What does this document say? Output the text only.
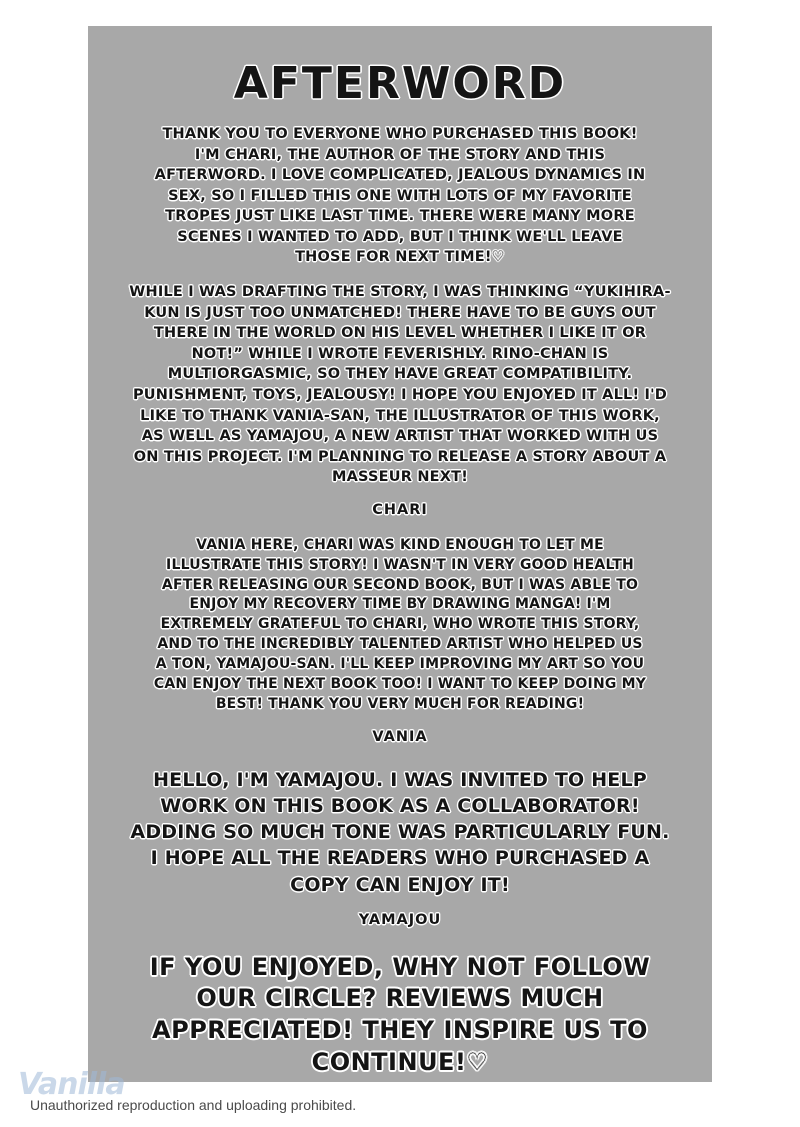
AFTERWORD
THANK YOU TO EVERYONE WHO PURCHASED THIS BOOK! I'M CHARI, THE AUTHOR OF THE STORY AND THIS AFTERWORD. I LOVE COMPLICATED, JEALOUS DYNAMICS IN SEX, SO I FILLED THIS ONE WITH LOTS OF MY FAVORITE TROPES JUST LIKE LAST TIME. THERE WERE MANY MORE SCENES I WANTED TO ADD, BUT I THINK WE'LL LEAVE THOSE FOR NEXT TIME!♡
WHILE I WAS DRAFTING THE STORY, I WAS THINKING “YUKIHIRA-KUN IS JUST TOO UNMATCHED! THERE HAVE TO BE GUYS OUT THERE IN THE WORLD ON HIS LEVEL WHETHER I LIKE IT OR NOT!” WHILE I WROTE FEVERISHLY. RINO-CHAN IS MULTIORGASMIC, SO THEY HAVE GREAT COMPATIBILITY. PUNISHMENT, TOYS, JEALOUSY! I HOPE YOU ENJOYED IT ALL! I'D LIKE TO THANK VANIA-SAN, THE ILLUSTRATOR OF THIS WORK, AS WELL AS YAMAJOU, A NEW ARTIST THAT WORKED WITH US ON THIS PROJECT. I'M PLANNING TO RELEASE A STORY ABOUT A MASSEUR NEXT!
CHARI
VANIA HERE, CHARI WAS KIND ENOUGH TO LET ME ILLUSTRATE THIS STORY! I WASN'T IN VERY GOOD HEALTH AFTER RELEASING OUR SECOND BOOK, BUT I WAS ABLE TO ENJOY MY RECOVERY TIME BY DRAWING MANGA! I'M EXTREMELY GRATEFUL TO CHARI, WHO WROTE THIS STORY, AND TO THE INCREDIBLY TALENTED ARTIST WHO HELPED US A TON, YAMAJOU-SAN. I'LL KEEP IMPROVING MY ART SO YOU CAN ENJOY THE NEXT BOOK TOO! I WANT TO KEEP DOING MY BEST! THANK YOU VERY MUCH FOR READING!
VANIA
HELLO, I'M YAMAJOU. I WAS INVITED TO HELP WORK ON THIS BOOK AS A COLLABORATOR! ADDING SO MUCH TONE WAS PARTICULARLY FUN. I HOPE ALL THE READERS WHO PURCHASED A COPY CAN ENJOY IT!
YAMAJOU
IF YOU ENJOYED, WHY NOT FOLLOW OUR CIRCLE? REVIEWS MUCH APPRECIATED! THEY INSPIRE US TO CONTINUE!♡
Vanilla
Unauthorized reproduction and uploading prohibited.
